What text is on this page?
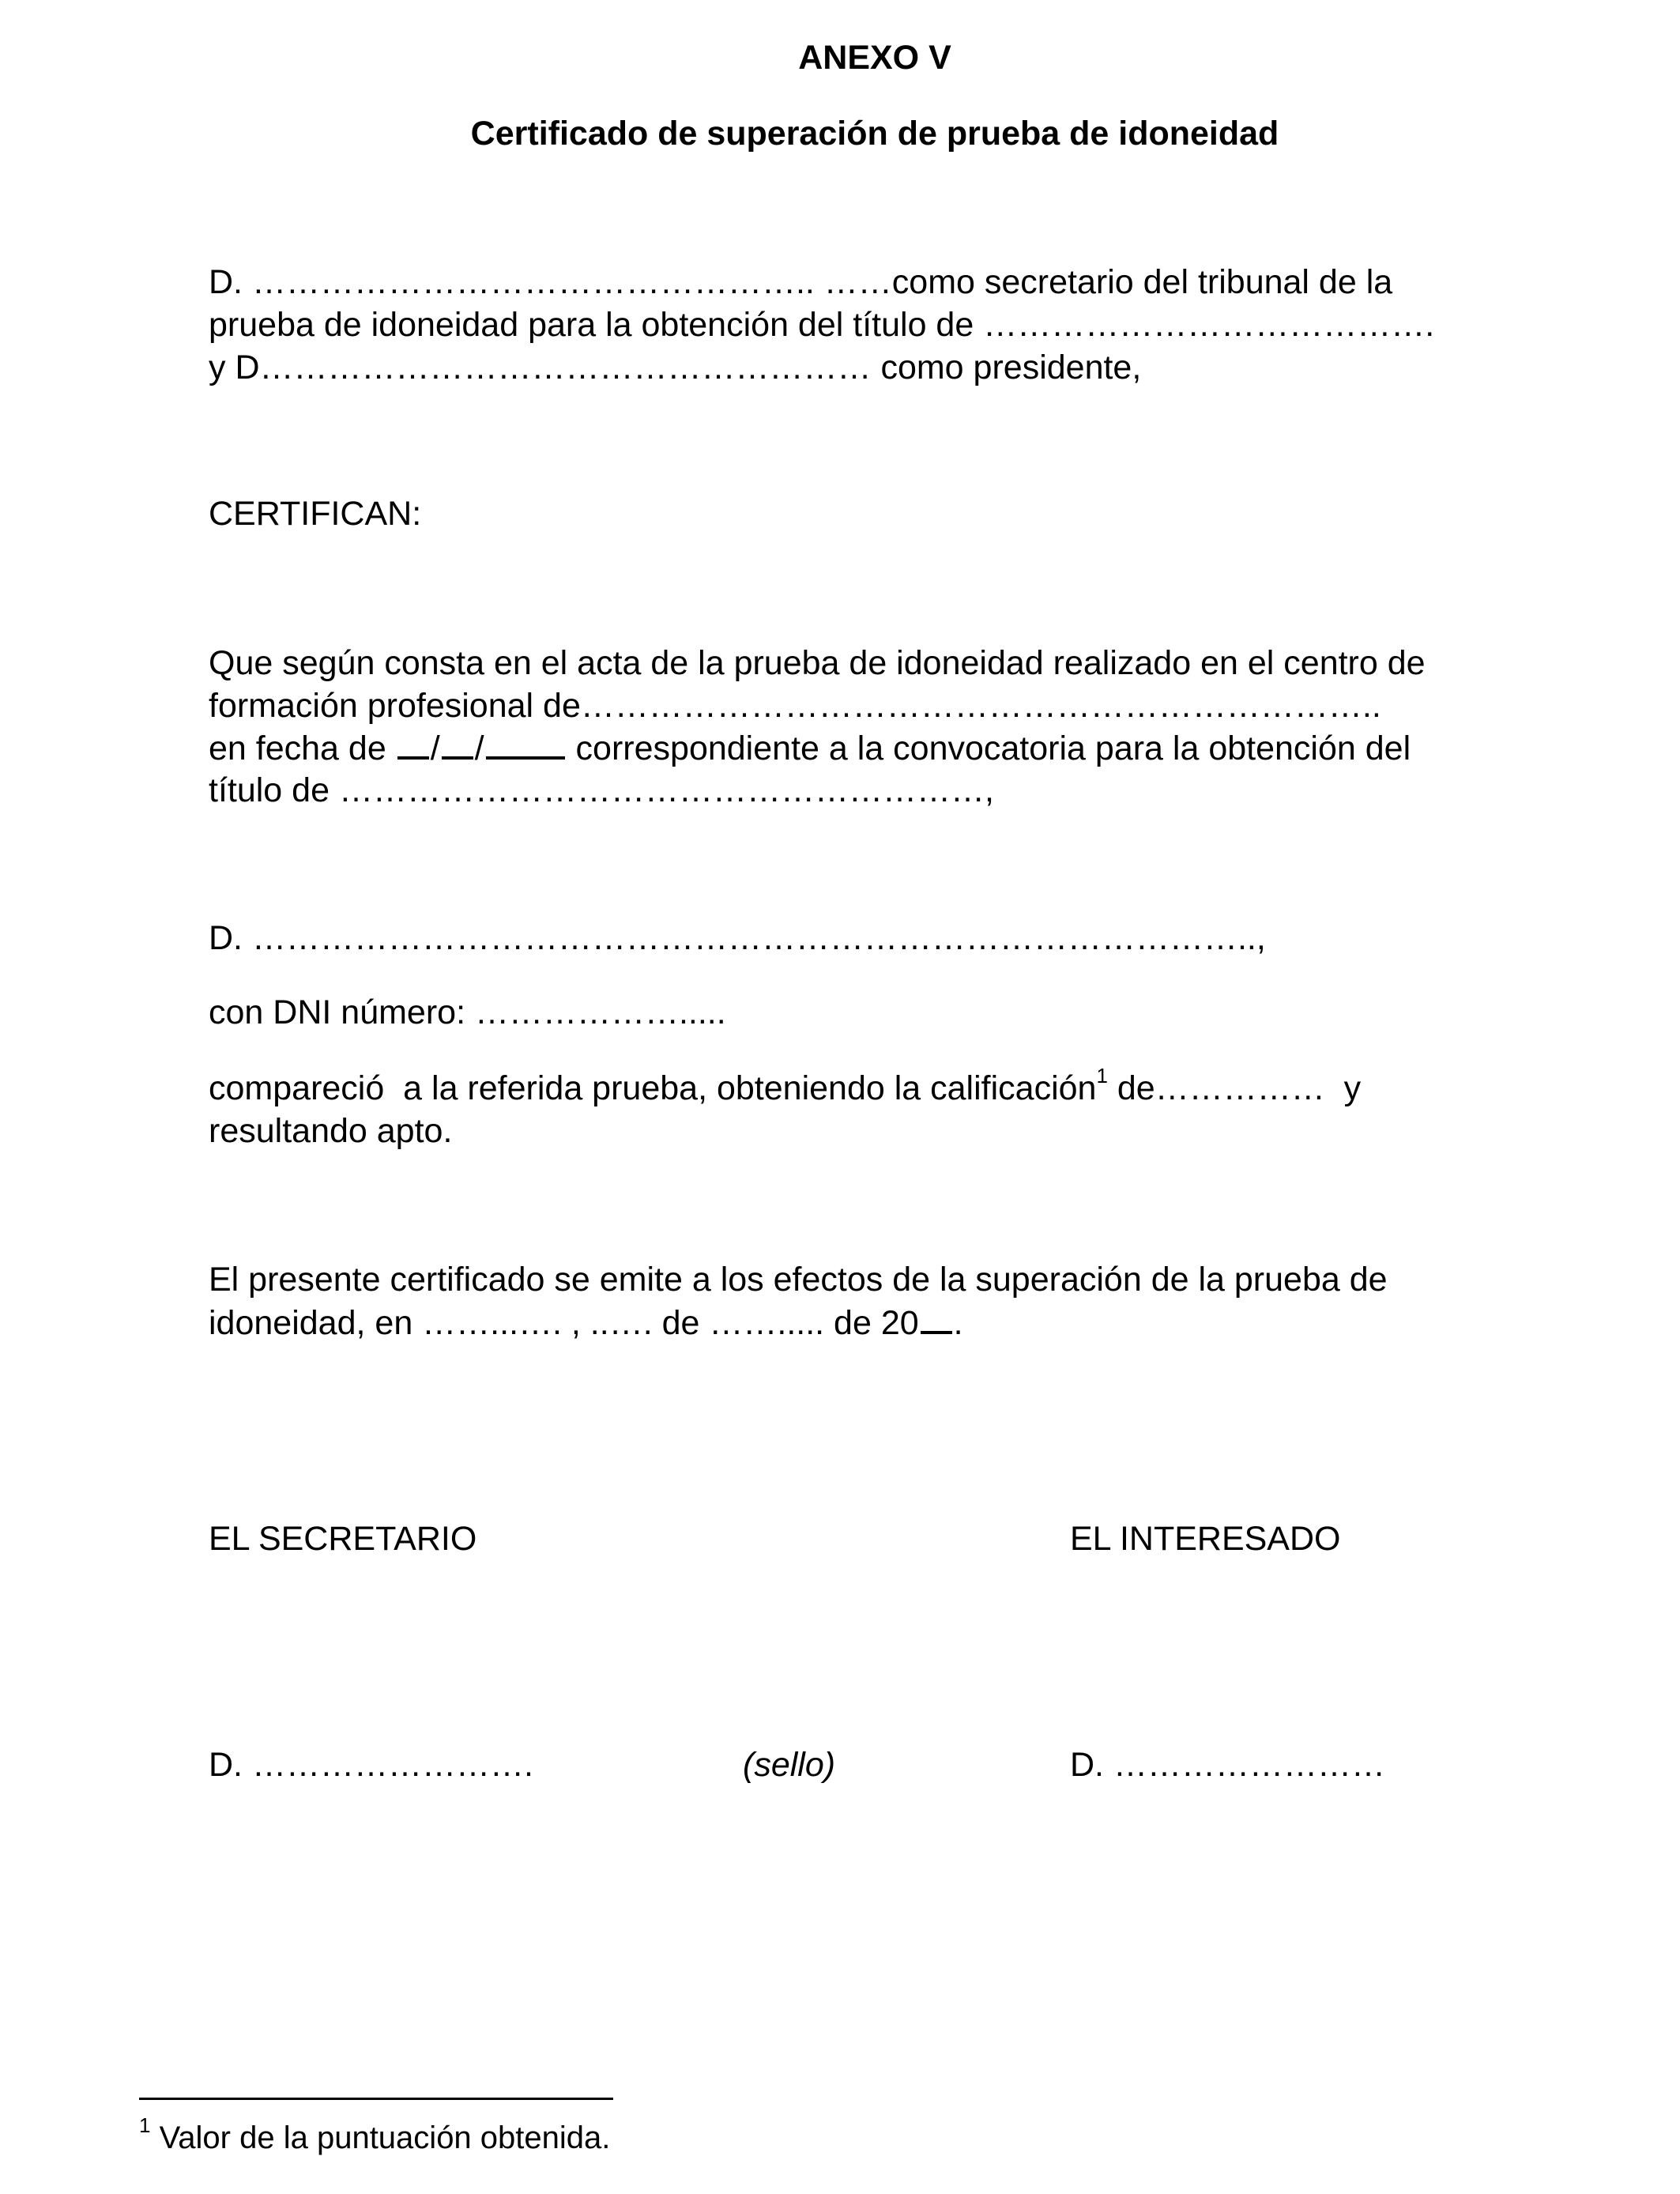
ANEXO V
Certificado de superación de prueba de idoneidad
D. ………………………………………….. ……como secretario del tribunal de la
prueba de idoneidad para la obtención del título de ………………………………….
y D……………………………………………… como presidente,
CERTIFICAN:
Que según consta en el acta de la prueba de idoneidad realizado en el centro de
formación profesional de……………………………………………………………..
en fecha de / / correspondiente a la convocatoria para la obtención del
título de …………………………………………………,
D. ……………………………………………………………………………..,
con DNI número: ……………….....
compareció  a la referida prueba, obteniendo la calificación$^1$ de……………  y
resultando apto.
El presente certificado se emite a los efectos de la superación de la prueba de
idoneidad, en ……...…. , ..…. de ……..... de 20 .
EL SECRETARIO	EL INTERESADO
D. …………………….	(sello)	D. ……………………
$^1$ Valor de la puntuación obtenida.
